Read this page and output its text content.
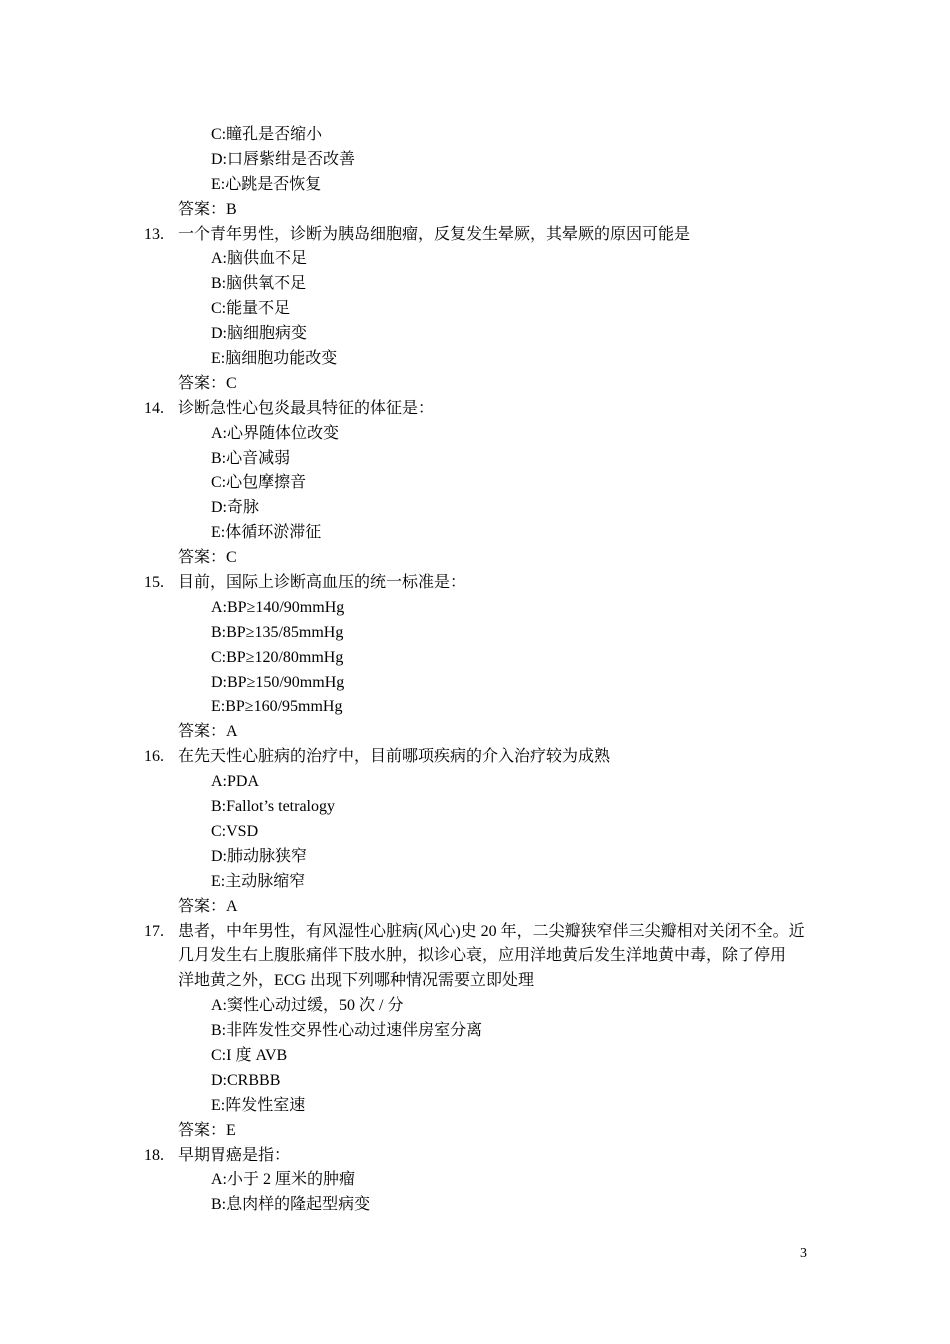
C:瞳孔是否缩小
D:口唇紫绀是否改善
E:心跳是否恢复
答案：B
13. 一个青年男性，诊断为胰岛细胞瘤，反复发生晕厥，其晕厥的原因可能是
A:脑供血不足
B:脑供氧不足
C:能量不足
D:脑细胞病变
E:脑细胞功能改变
答案：C
14. 诊断急性心包炎最具特征的体征是：
A:心界随体位改变
B:心音减弱
C:心包摩擦音
D:奇脉
E:体循环淤滞征
答案：C
15. 目前，国际上诊断高血压的统一标准是：
A:BP≥140/90mmHg
B:BP≥135/85mmHg
C:BP≥120/80mmHg
D:BP≥150/90mmHg
E:BP≥160/95mmHg
答案：A
16. 在先天性心脏病的治疗中，目前哪项疾病的介入治疗较为成熟
A:PDA
B:Fallot’s tetralogy
C:VSD
D:肺动脉狭窄
E:主动脉缩窄
答案：A
17. 患者，中年男性，有风湿性心脏病(风心)史 20 年，二尖瓣狭窄伴三尖瓣相对关闭不全。近
几月发生右上腹胀痛伴下肢水肿，拟诊心衰，应用洋地黄后发生洋地黄中毒，除了停用
洋地黄之外，ECG 出现下列哪种情况需要立即处理
A:窦性心动过缓，50 次 / 分
B:非阵发性交界性心动过速伴房室分离
C:I 度 AVB
D:CRBBB
E:阵发性室速
答案：E
18. 早期胃癌是指：
A:小于 2 厘米的肿瘤
B:息肉样的隆起型病变
3
